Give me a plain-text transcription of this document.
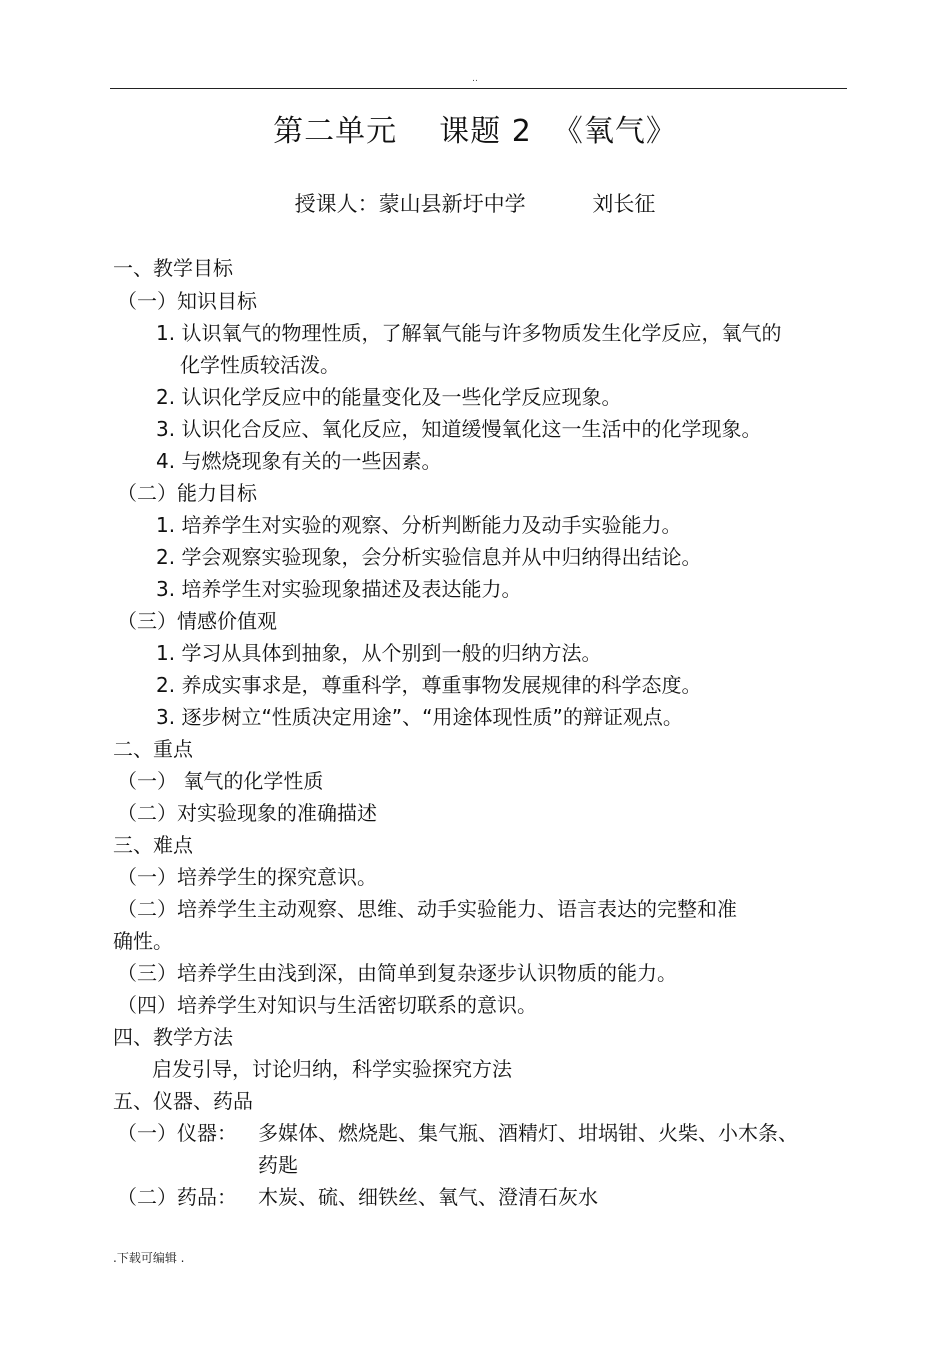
..
第二单元    课题 2  《氧气》
授课人：蒙山县新圩中学          刘长征
一、教学目标
（一）知识目标
1. 认识氧气的物理性质，了解氧气能与许多物质发生化学反应，氧气的
化学性质较活泼。
2. 认识化学反应中的能量变化及一些化学反应现象。
3. 认识化合反应、氧化反应，知道缓慢氧化这一生活中的化学现象。
4. 与燃烧现象有关的一些因素。
（二）能力目标
1. 培养学生对实验的观察、分析判断能力及动手实验能力。
2. 学会观察实验现象，会分析实验信息并从中归纳得出结论。
3. 培养学生对实验现象描述及表达能力。
（三）情感价值观
1. 学习从具体到抽象，从个别到一般的归纳方法。
2. 养成实事求是，尊重科学，尊重事物发展规律的科学态度。
3. 逐步树立“性质决定用途”、“用途体现性质”的辩证观点。
二、重点
（一） 氧气的化学性质
（二）对实验现象的准确描述
三、难点
（一）培养学生的探究意识。
（二）培养学生主动观察、思维、动手实验能力、语言表达的完整和准
确性。
（三）培养学生由浅到深，由简单到复杂逐步认识物质的能力。
（四）培养学生对知识与生活密切联系的意识。
四、教学方法
启发引导，讨论归纳，科学实验探究方法
五、仪器、药品
（一）仪器： 多媒体、燃烧匙、集气瓶、酒精灯、坩埚钳、火柴、小木条、
药匙
（二）药品： 木炭、硫、细铁丝、氧气、澄清石灰水
.下载可编辑 .
